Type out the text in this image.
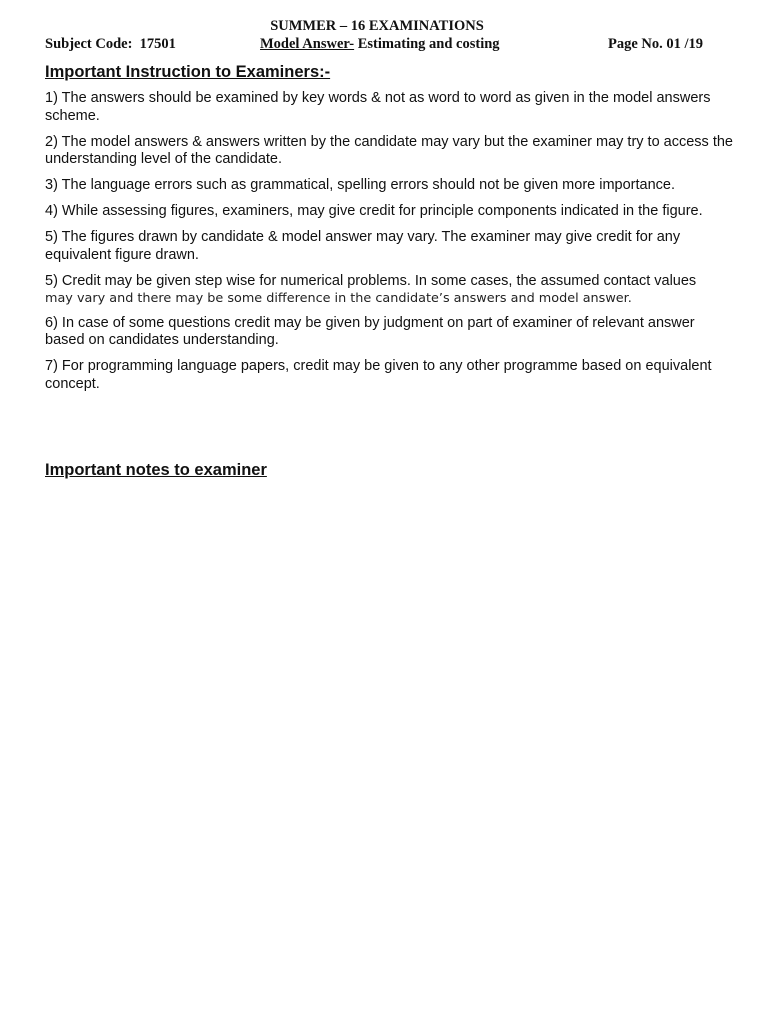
SUMMER – 16 EXAMINATIONS
Subject Code:  17501	Model Answer- Estimating and costing	Page No. 01 /19
Important Instruction to Examiners:-
1) The answers should be examined by key words & not as word to word as given in the model answers scheme.
2) The model answers & answers written by the candidate may vary but the examiner may try to access the understanding level of the candidate.
3) The language errors such as grammatical, spelling errors should not be given more importance.
4) While assessing figures, examiners, may give credit for principle components indicated in the figure.
5) The figures drawn by candidate & model answer may vary. The examiner may give credit for any equivalent figure drawn.
5) Credit may be given step wise for numerical problems. In some cases, the assumed contact values
may vary and there may be some difference in the candidate’s answers and model answer.
6) In case of some questions credit may be given by judgment on part of examiner of relevant answer based on candidates understanding.
7) For programming language papers, credit may be given to any other programme based on equivalent concept.
Important notes to examiner
